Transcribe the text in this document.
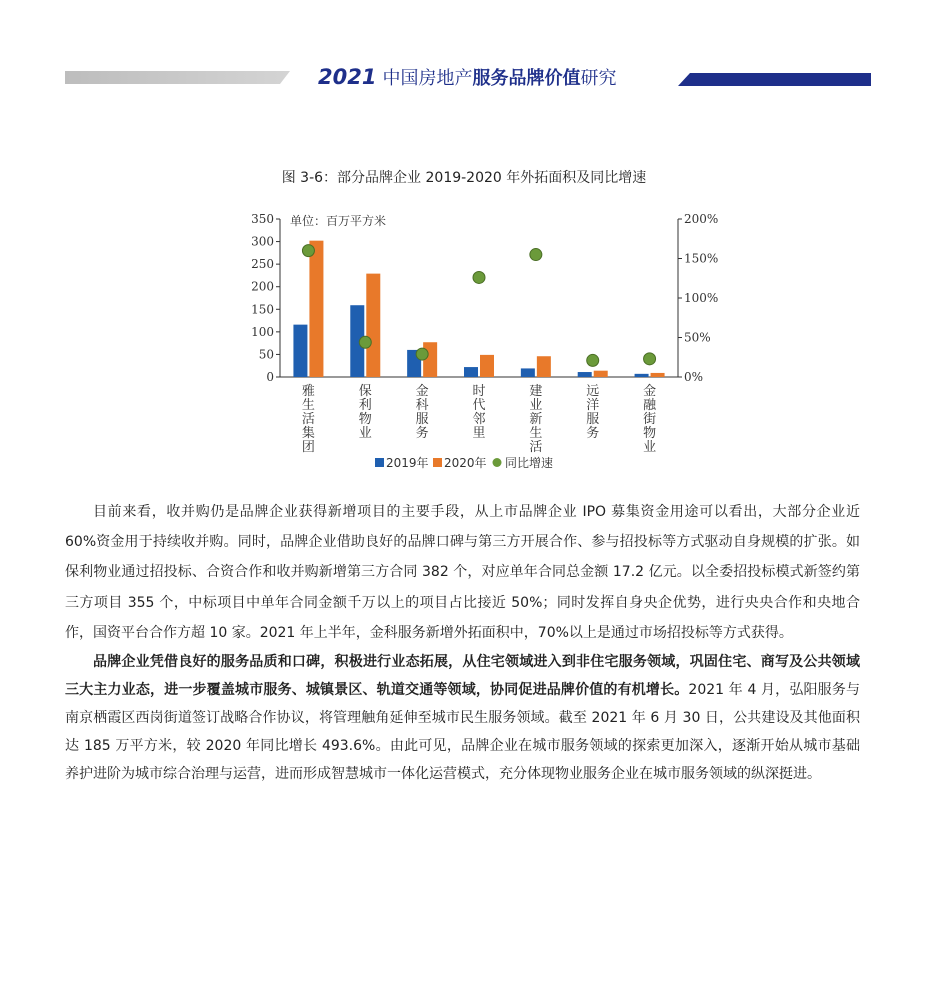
2021 中国房地产 服务品牌价值 研究
图 3-6：部分品牌企业 2019-2020 年外拓面积及同比增速
0
50
100
150
200
250
300
350
0%
50%
100%
150%
200%
单位：百万平方米
雅生活集团
保利物业
金科服务
时代邻里
建业新生活
远洋服务
金融街物业
2019年 2020年 同比增速

目前来看，收并购仍是品牌企业获得新增项目的主要手段，从上市品牌企业 IPO 募集资金用途可以看出，大部分企业近 60%资金用于持续收并购。同时，品牌企业借助良好的品牌口碑与第三方开展合作、参与招投标等方式驱动自身规模的扩张。如保利物业通过招投标、合资合作和收并购新增第三方合同 382 个，对应单年合同总金额 17.2 亿元。以全委招投标模式新签约第三方项目 355 个，中标项目中单年合同金额千万以上的项目占比接近 50%；同时发挥自身央企优势，进行央央合作和央地合作，国资平台合作方超 10 家。2021 年上半年，金科服务新增外拓面积中，70%以上是通过市场招投标等方式获得。

品牌企业凭借良好的服务品质和口碑，积极进行业态拓展，从住宅领域进入到非住宅服务领域，巩固住宅、商写及公共领域三大主力业态，进一步覆盖城市服务、城镇景区、轨道交通等领域，协同促进品牌价值的有机增长。2021 年 4 月，弘阳服务与南京栖霞区西岗街道签订战略合作协议，将管理触角延伸至城市民生服务领域。截至 2021 年 6 月 30 日，公共建设及其他面积达 185 万平方米，较 2020 年同比增长 493.6%。由此可见，品牌企业在城市服务领域的探索更加深入，逐渐开始从城市基础养护进阶为城市综合治理与运营，进而形成智慧城市一体化运营模式，充分体现物业服务企业在城市服务领域的纵深挺进。
